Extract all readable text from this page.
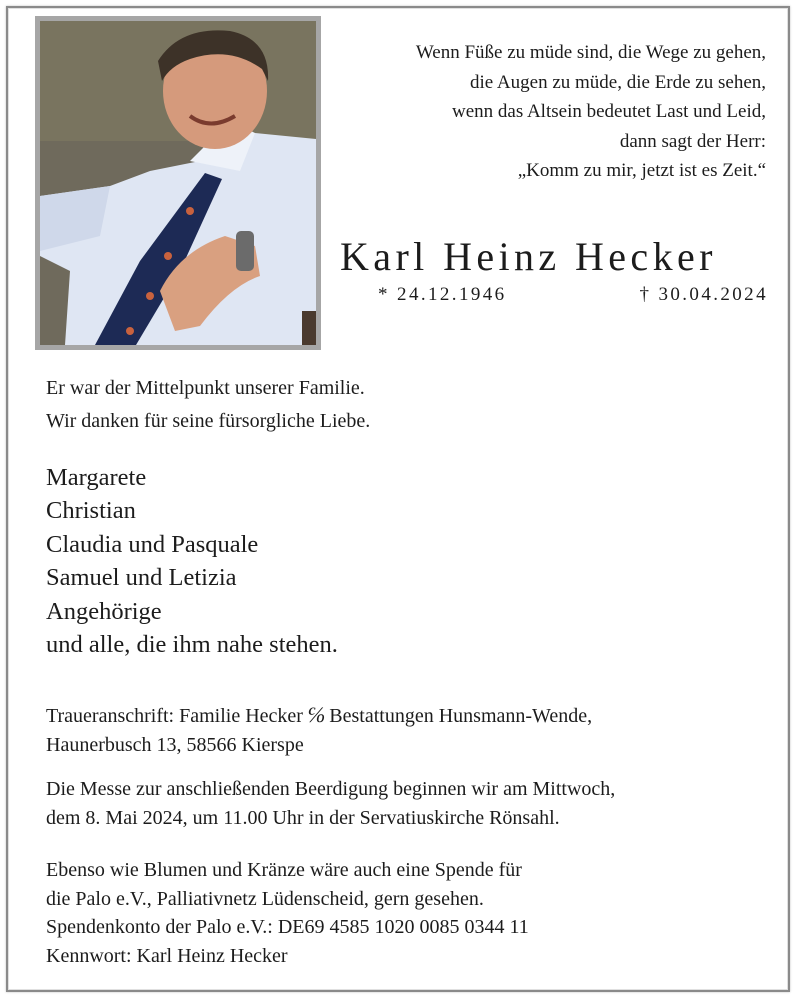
Wenn Füße zu müde sind, die Wege zu gehen,
die Augen zu müde, die Erde zu sehen,
wenn das Altsein bedeutet Last und Leid,
dann sagt der Herr:
„Komm zu mir, jetzt ist es Zeit.“
Karl Heinz Hecker
* 24.12.1946	† 30.04.2024
Er war der Mittelpunkt unserer Familie.
Wir danken für seine fürsorgliche Liebe.
Margarete
Christian
Claudia und Pasquale
Samuel und Letizia
Angehörige
und alle, die ihm nahe stehen.
Traueranschrift: Familie Hecker ℅ Bestattungen Hunsmann-Wende,
Haunerbusch 13, 58566 Kierspe
Die Messe zur anschließenden Beerdigung beginnen wir am Mittwoch,
dem 8. Mai 2024, um 11.00 Uhr in der Servatiuskirche Rönsahl.
Ebenso wie Blumen und Kränze wäre auch eine Spende für
die Palo e.V., Palliativnetz Lüdenscheid, gern gesehen.
Spendenkonto der Palo e.V.: DE69 4585 1020 0085 0344 11
Kennwort: Karl Heinz Hecker
